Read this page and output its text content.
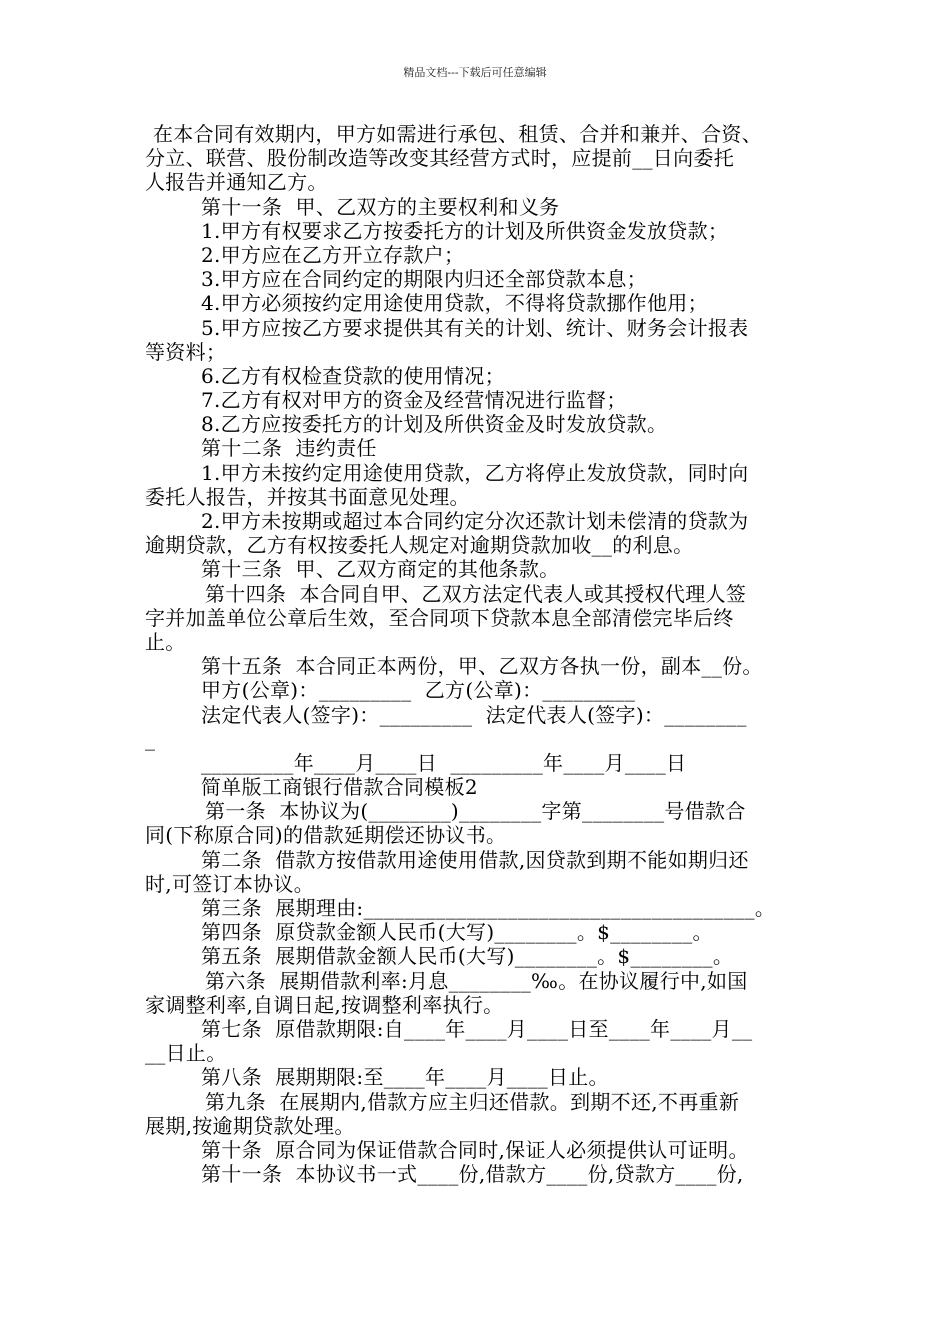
精品文档---下载后可任意编辑
在本合同有效期内，甲方如需进行承包、租赁、合并和兼并、合资、
分立、联营、股份制改造等改变其经营方式时，应提前__日向委托
人报告并通知乙方。
第十一条  甲、乙双方的主要权利和义务
1.甲方有权要求乙方按委托方的计划及所供资金发放贷款；
2.甲方应在乙方开立存款户；
3.甲方应在合同约定的期限内归还全部贷款本息；
4.甲方必须按约定用途使用贷款，不得将贷款挪作他用；
5.甲方应按乙方要求提供其有关的计划、统计、财务会计报表
等资料；
6.乙方有权检查贷款的使用情况；
7.乙方有权对甲方的资金及经营情况进行监督；
8.乙方应按委托方的计划及所供资金及时发放贷款。
第十二条  违约责任
1.甲方未按约定用途使用贷款，乙方将停止发放贷款，同时向
委托人报告，并按其书面意见处理。
2.甲方未按期或超过本合同约定分次还款计划未偿清的贷款为
逾期贷款，乙方有权按委托人规定对逾期贷款加收__的利息。
第十三条  甲、乙双方商定的其他条款。
第十四条  本合同自甲、乙双方法定代表人或其授权代理人签
字并加盖单位公章后生效，至合同项下贷款本息全部清偿完毕后终
止。
第十五条  本合同正本两份，甲、乙双方各执一份，副本__份。
甲方(公章)：_________  乙方(公章)：_________
法定代表人(签字)：_________  法定代表人(签字)：________
_
_________年____月____日  _________年____月____日
简单版工商银行借款合同模板2
第一条  本协议为(________)________字第________号借款合
同(下称原合同)的借款延期偿还协议书。
第二条  借款方按借款用途使用借款,因贷款到期不能如期归还
时,可签订本协议。
第三条  展期理由:______________________________________。
第四条  原贷款金额人民币(大写)________。$________。
第五条  展期借款金额人民币(大写)________。$________。
第六条  展期借款利率:月息________‰。在协议履行中,如国
家调整利率,自调日起,按调整利率执行。
第七条  原借款期限:自____年____月____日至____年____月__
__日止。
第八条  展期期限:至____年____月____日止。
第九条  在展期内,借款方应主归还借款。到期不还,不再重新
展期,按逾期贷款处理。
第十条  原合同为保证借款合同时,保证人必须提供认可证明。
第十一条  本协议书一式____份,借款方____份,贷款方____份,
